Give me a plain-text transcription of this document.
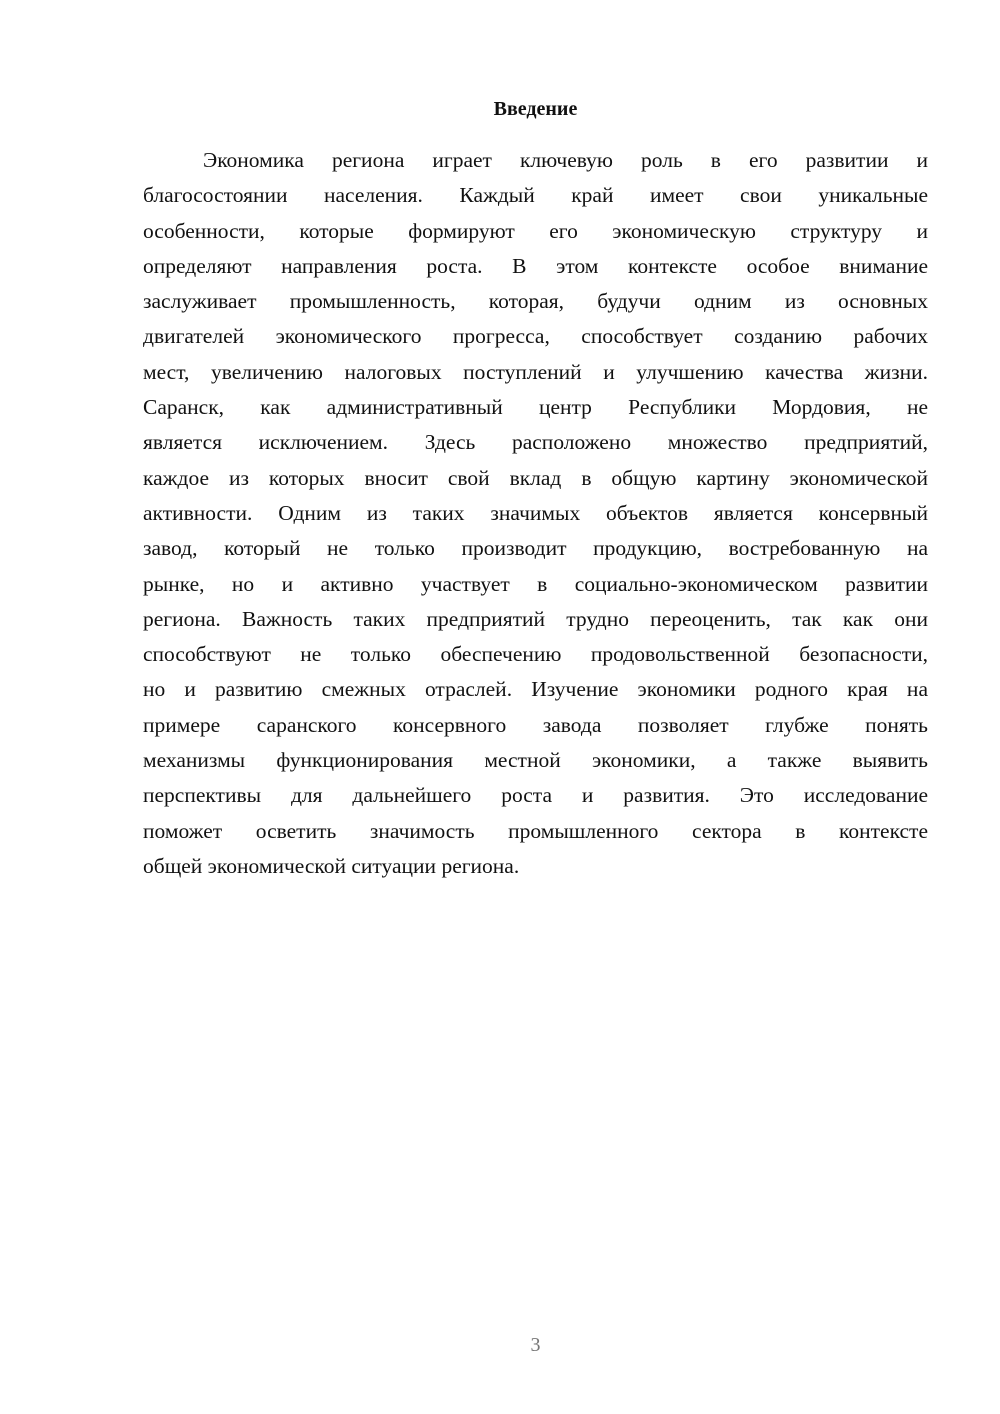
Введение
Экономика региона играет ключевую роль в его развитии и
благосостоянии населения. Каждый край имеет свои уникальные
особенности, которые формируют его экономическую структуру и
определяют направления роста. В этом контексте особое внимание
заслуживает промышленность, которая, будучи одним из основных
двигателей экономического прогресса, способствует созданию рабочих
мест, увеличению налоговых поступлений и улучшению качества жизни.
Саранск, как административный центр Республики Мордовия, не
является исключением. Здесь расположено множество предприятий,
каждое из которых вносит свой вклад в общую картину экономической
активности. Одним из таких значимых объектов является консервный
завод, который не только производит продукцию, востребованную на
рынке, но и активно участвует в социально-экономическом развитии
региона. Важность таких предприятий трудно переоценить, так как они
способствуют не только обеспечению продовольственной безопасности,
но и развитию смежных отраслей. Изучение экономики родного края на
примере саранского консервного завода позволяет глубже понять
механизмы функционирования местной экономики, а также выявить
перспективы для дальнейшего роста и развития. Это исследование
поможет осветить значимость промышленного сектора в контексте
общей экономической ситуации региона.
3
